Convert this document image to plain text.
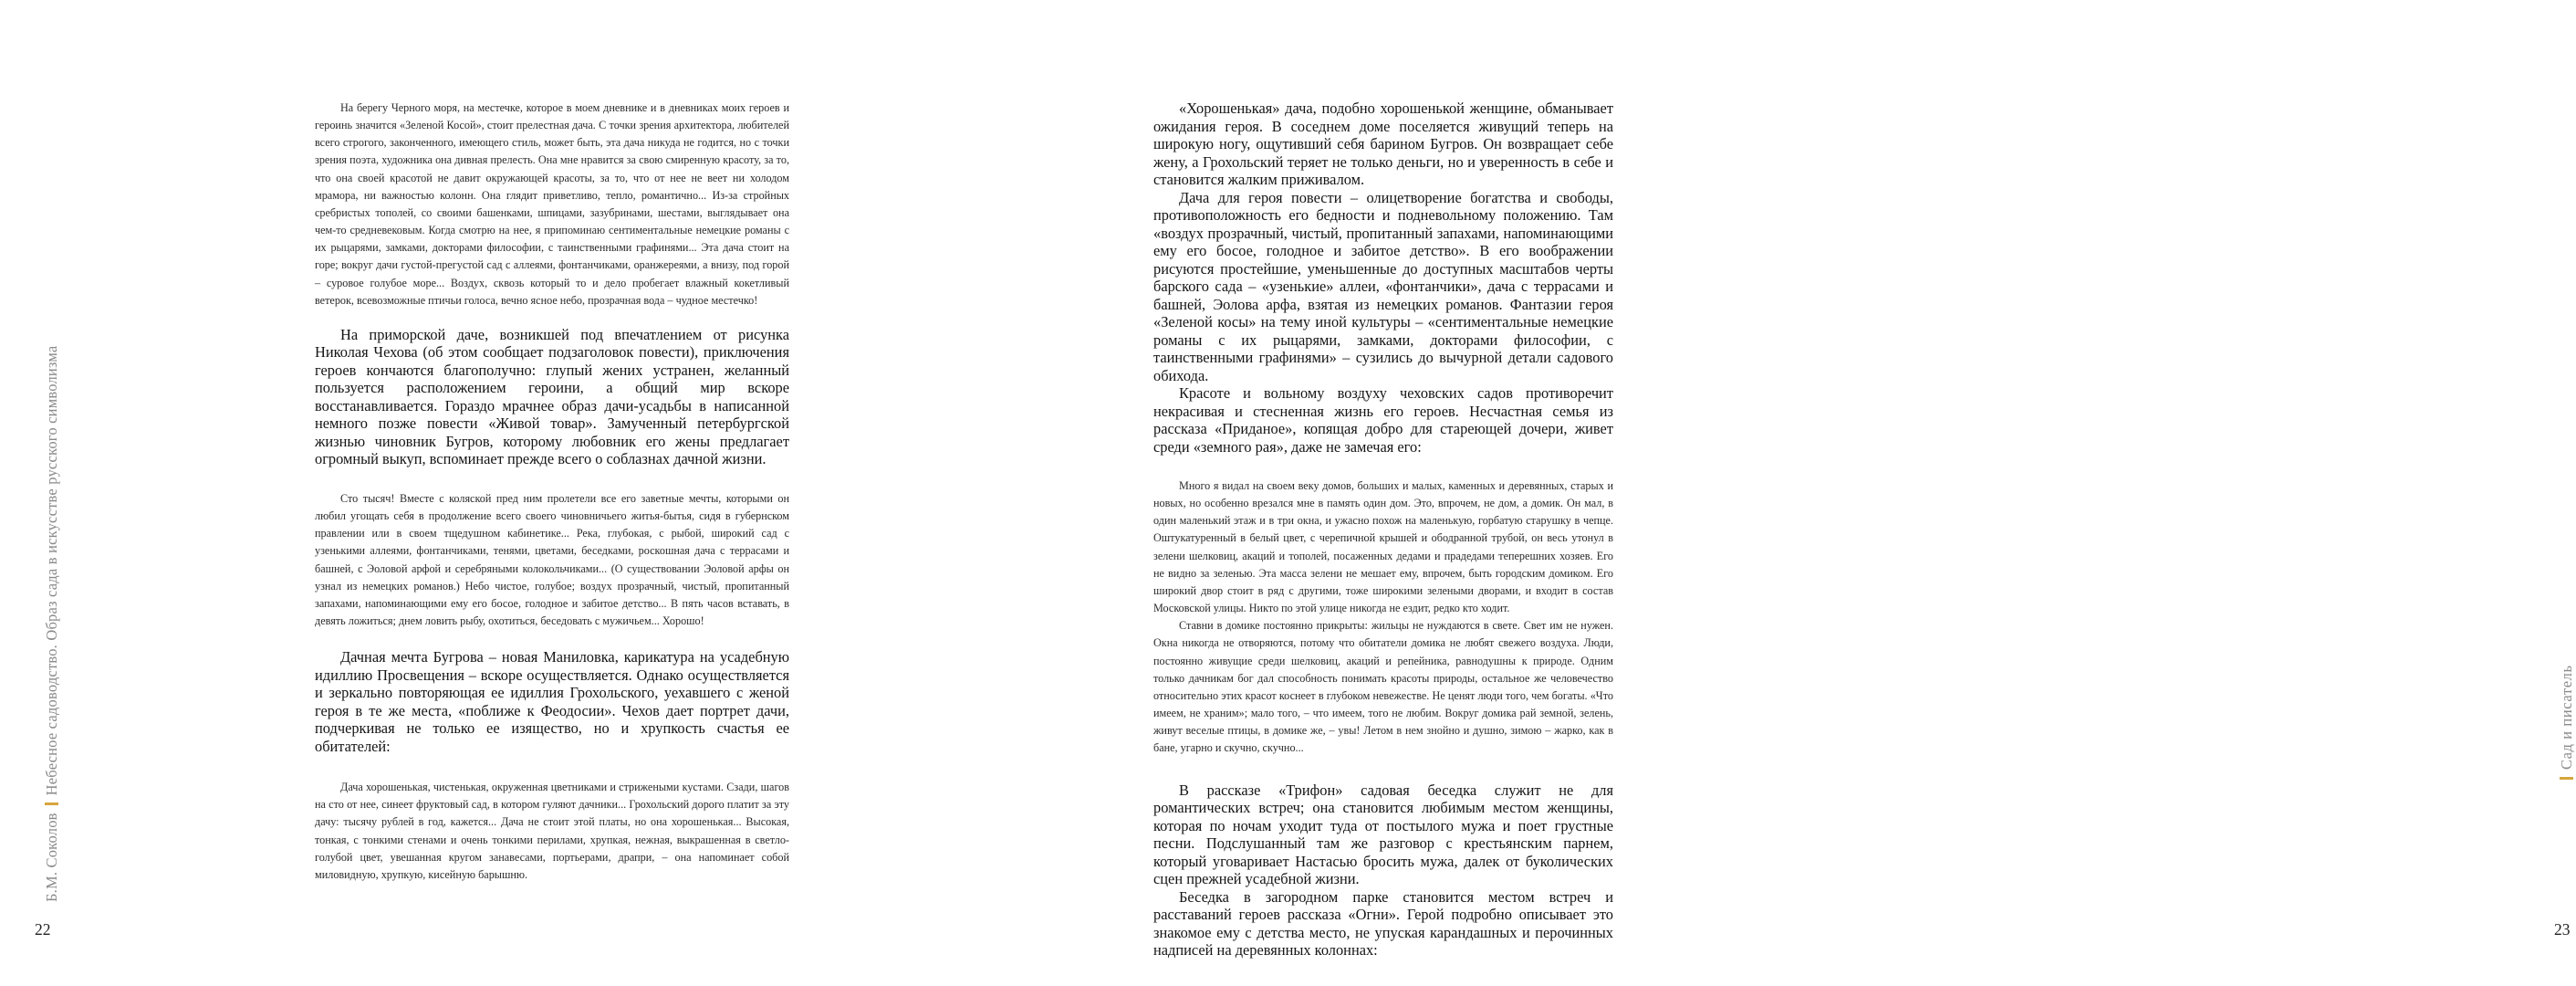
На берегу Черного моря, на местечке, которое в моем дневнике и в дневниках моих героев и героинь значится «Зеленой Косой», стоит прелестная дача. С точки зрения архитектора, любителей всего строгого, законченного, имеющего стиль, может быть, эта дача никуда не годится, но с точки зрения поэта, художника она дивная прелесть. Она мне нравится за свою смиренную красоту, за то, что она своей красотой не давит окружающей красоты, за то, что от нее не веет ни холодом мрамора, ни важностью колонн. Она глядит приветливо, тепло, романтично... Из-за стройных сребристых тополей, со своими башенками, шпицами, зазубринами, шестами, выглядывает она чем-то средневековым. Когда смотрю на нее, я припоминаю сентиментальные немецкие романы с их рыцарями, замками, докторами философии, с таинственными графинями... Эта дача стоит на горе; вокруг дачи густой-прегустой сад с аллеями, фонтанчиками, оранжереями, а внизу, под горой – суровое голубое море... Воздух, сквозь который то и дело пробегает влажный кокетливый ветерок, всевозможные птичьи голоса, вечно ясное небо, прозрачная вода – чудное местечко!

На приморской даче, возникшей под впечатлением от рисунка Николая Чехова (об этом сообщает подзаголовок повести), приключения героев кончаются благополучно: глупый жених устранен, желанный пользуется расположением героини, а общий мир вскоре восстанавливается. Гораздо мрачнее образ дачи-усадьбы в написанной немного позже повести «Живой товар». Замученный петербургской жизнью чиновник Бугров, которому любовник его жены предлагает огромный выкуп, вспоминает прежде всего о соблазнах дачной жизни.

Сто тысяч! Вместе с коляской пред ним пролетели все его заветные мечты, которыми он любил угощать себя в продолжение всего своего чиновничьего житья-бытья, сидя в губернском правлении или в своем тщедушном кабинетике... Река, глубокая, с рыбой, широкий сад с узенькими аллеями, фонтанчиками, тенями, цветами, беседками, роскошная дача с террасами и башней, с Эоловой арфой и серебряными колокольчиками... (О существовании Эоловой арфы он узнал из немецких романов.) Небо чистое, голубое; воздух прозрачный, чистый, пропитанный запахами, напоминающими ему его босое, голодное и забитое детство... В пять часов вставать, в девять ложиться; днем ловить рыбу, охотиться, беседовать с мужичьем... Хорошо!

Дачная мечта Бугрова – новая Маниловка, карикатура на усадебную идиллию Просвещения – вскоре осуществляется. Однако осуществляется и зеркально повторяющая ее идиллия Грохольского, уехавшего с женой героя в те же места, «поближе к Феодосии». Чехов дает портрет дачи, подчеркивая не только ее изящество, но и хрупкость счастья ее обитателей:

Дача хорошенькая, чистенькая, окруженная цветниками и стрижеными кустами. Сзади, шагов на сто от нее, синеет фруктовый сад, в котором гуляют дачники... Грохольский дорого платит за эту дачу: тысячу рублей в год, кажется... Дача не стоит этой платы, но она хорошенькая... Высокая, тонкая, с тонкими стенами и очень тонкими перилами, хрупкая, нежная, выкрашенная в светло-голубой цвет, увешанная кругом занавесами, портьерами, драпри, – она напоминает собой миловидную, хрупкую, кисейную барышню.

Б.М. СоколовНебесное садоводство. Образ сада в искусстве русского символизма
22

«Хорошенькая» дача, подобно хорошенькой женщине, обманывает ожидания героя. В соседнем доме поселяется живущий теперь на широкую ногу, ощутивший себя барином Бугров. Он возвращает себе жену, а Грохольский теряет не только деньги, но и уверенность в себе и становится жалким приживалом.

Дача для героя повести – олицетворение богатства и свободы, противоположность его бедности и подневольному положению. Там «воздух прозрачный, чистый, пропитанный запахами, напоминающими ему его босое, голодное и забитое детство». В его воображении рисуются простейшие, уменьшенные до доступных масштабов черты барского сада – «узенькие» аллеи, «фонтанчики», дача с террасами и башней, Эолова арфа, взятая из немецких романов. Фантазии героя «Зеленой косы» на тему иной культуры – «сентиментальные немецкие романы с их рыцарями, замками, докторами философии, с таинственными графинями» – сузились до вычурной детали садового обихода.

Красоте и вольному воздуху чеховских садов противоречит некрасивая и стесненная жизнь его героев. Несчастная семья из рассказа «Приданое», копящая добро для стареющей дочери, живет среди «земного рая», даже не замечая его:

Много я видал на своем веку домов, больших и малых, каменных и деревянных, старых и новых, но особенно врезался мне в память один дом. Это, впрочем, не дом, а домик. Он мал, в один маленький этаж и в три окна, и ужасно похож на маленькую, горбатую старушку в чепце. Оштукатуренный в белый цвет, с черепичной крышей и ободранной трубой, он весь утонул в зелени шелковиц, акаций и тополей, посаженных дедами и прадедами теперешних хозяев. Его не видно за зеленью. Эта масса зелени не мешает ему, впрочем, быть городским домиком. Его широкий двор стоит в ряд с другими, тоже широкими зелеными дворами, и входит в состав Московской улицы. Никто по этой улице никогда не ездит, редко кто ходит.

Ставни в домике постоянно прикрыты: жильцы не нуждаются в свете. Свет им не нужен. Окна никогда не отворяются, потому что обитатели домика не любят свежего воздуха. Люди, постоянно живущие среди шелковиц, акаций и репейника, равнодушны к природе. Одним только дачникам бог дал способность понимать красоты природы, остальное же человечество относительно этих красот коснеет в глубоком невежестве. Не ценят люди того, чем богаты. «Что имеем, не храним»; мало того, – что имеем, того не любим. Вокруг домика рай земной, зелень, живут веселые птицы, в домике же, – увы! Летом в нем знойно и душно, зимою – жарко, как в бане, угарно и скучно, скучно...

В рассказе «Трифон» садовая беседка служит не для романтических встреч; она становится любимым местом женщины, которая по ночам уходит туда от постылого мужа и поет грустные песни. Подслушанный там же разговор с крестьянским парнем, который уговаривает Настасью бросить мужа, далек от буколических сцен прежней усадебной жизни.

Беседка в загородном парке становится местом встреч и расставаний героев рассказа «Огни». Герой подробно описывает это знакомое ему с детства место, не упуская карандашных и перочинных надписей на деревянных колоннах:

Сад и писатель
23
